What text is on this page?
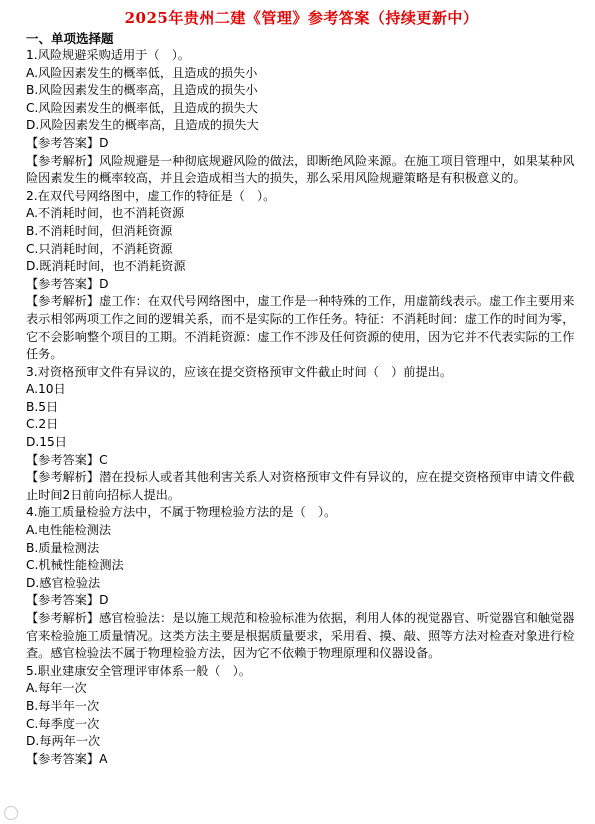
2025年贵州二建《管理》参考答案（持续更新中）
一、单项选择题
1.风险规避采购适用于（　）。
A.风险因素发生的概率低，且造成的损失小
B.风险因素发生的概率高，且造成的损失小
C.风险因素发生的概率低，且造成的损失大
D.风险因素发生的概率高，且造成的损失大
【参考答案】D
【参考解析】风险规避是一种彻底规避风险的做法，即断绝风险来源。在施工项目管理中，如果某种风险因素发生的概率较高，并且会造成相当大的损失，那么采用风险规避策略是有积极意义的。
2.在双代号网络图中，虚工作的特征是（　）。
A.不消耗时间，也不消耗资源
B.不消耗时间，但消耗资源
C.只消耗时间，不消耗资源
D.既消耗时间，也不消耗资源
【参考答案】D
【参考解析】虚工作：在双代号网络图中，虚工作是一种特殊的工作，用虚箭线表示。虚工作主要用来表示相邻两项工作之间的逻辑关系，而不是实际的工作任务。特征：不消耗时间：虚工作的时间为零，它不会影响整个项目的工期。不消耗资源：虚工作不涉及任何资源的使用，因为它并不代表实际的工作任务。
3.对资格预审文件有异议的，应该在提交资格预审文件截止时间（　）前提出。
A.10日
B.5日
C.2日
D.15日
【参考答案】C
【参考解析】潜在投标人或者其他利害关系人对资格预审文件有异议的，应在提交资格预审申请文件截止时间2日前向招标人提出。
4.施工质量检验方法中，不属于物理检验方法的是（　）。
A.电性能检测法
B.质量检测法
C.机械性能检测法
D.感官检验法
【参考答案】D
【参考解析】感官检验法：是以施工规范和检验标准为依据，利用人体的视觉器官、听觉器官和触觉器官来检验施工质量情况。这类方法主要是根据质量要求，采用看、摸、敲、照等方法对检查对象进行检查。感官检验法不属于物理检验方法，因为它不依赖于物理原理和仪器设备。
5.职业建康安全管理评审体系一般（　）。
A.每年一次
B.每半年一次
C.每季度一次
D.每两年一次
【参考答案】A
